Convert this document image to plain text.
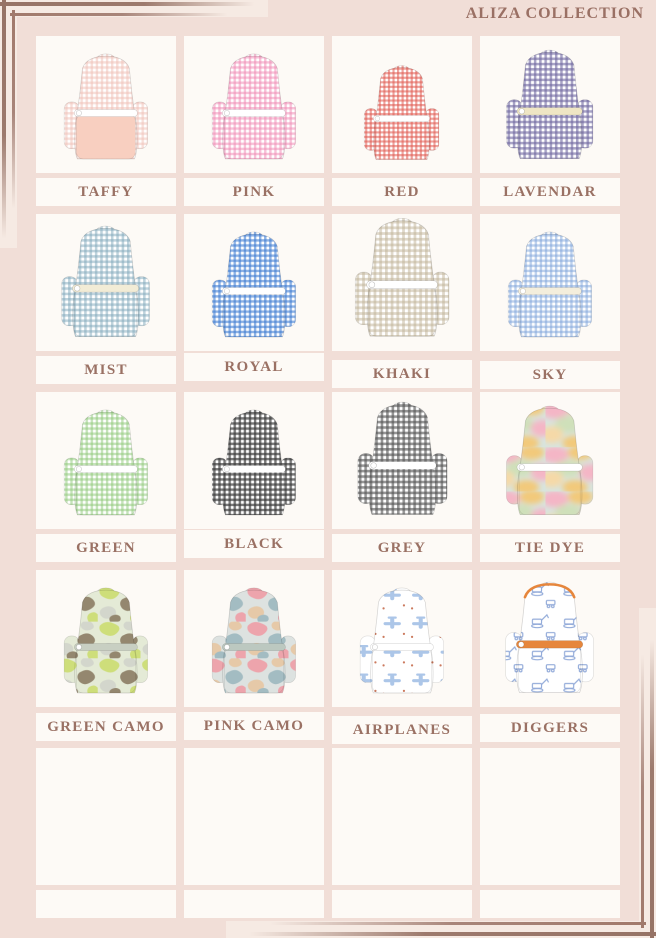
ALIZA COLLECTION
TAFFY	PINK	RED	LAVENDAR
MIST	ROYAL	KHAKI	SKY
GREEN	BLACK	GREY	TIE DYE
GREEN CAMO	PINK CAMO	AIRPLANES	DIGGERS
